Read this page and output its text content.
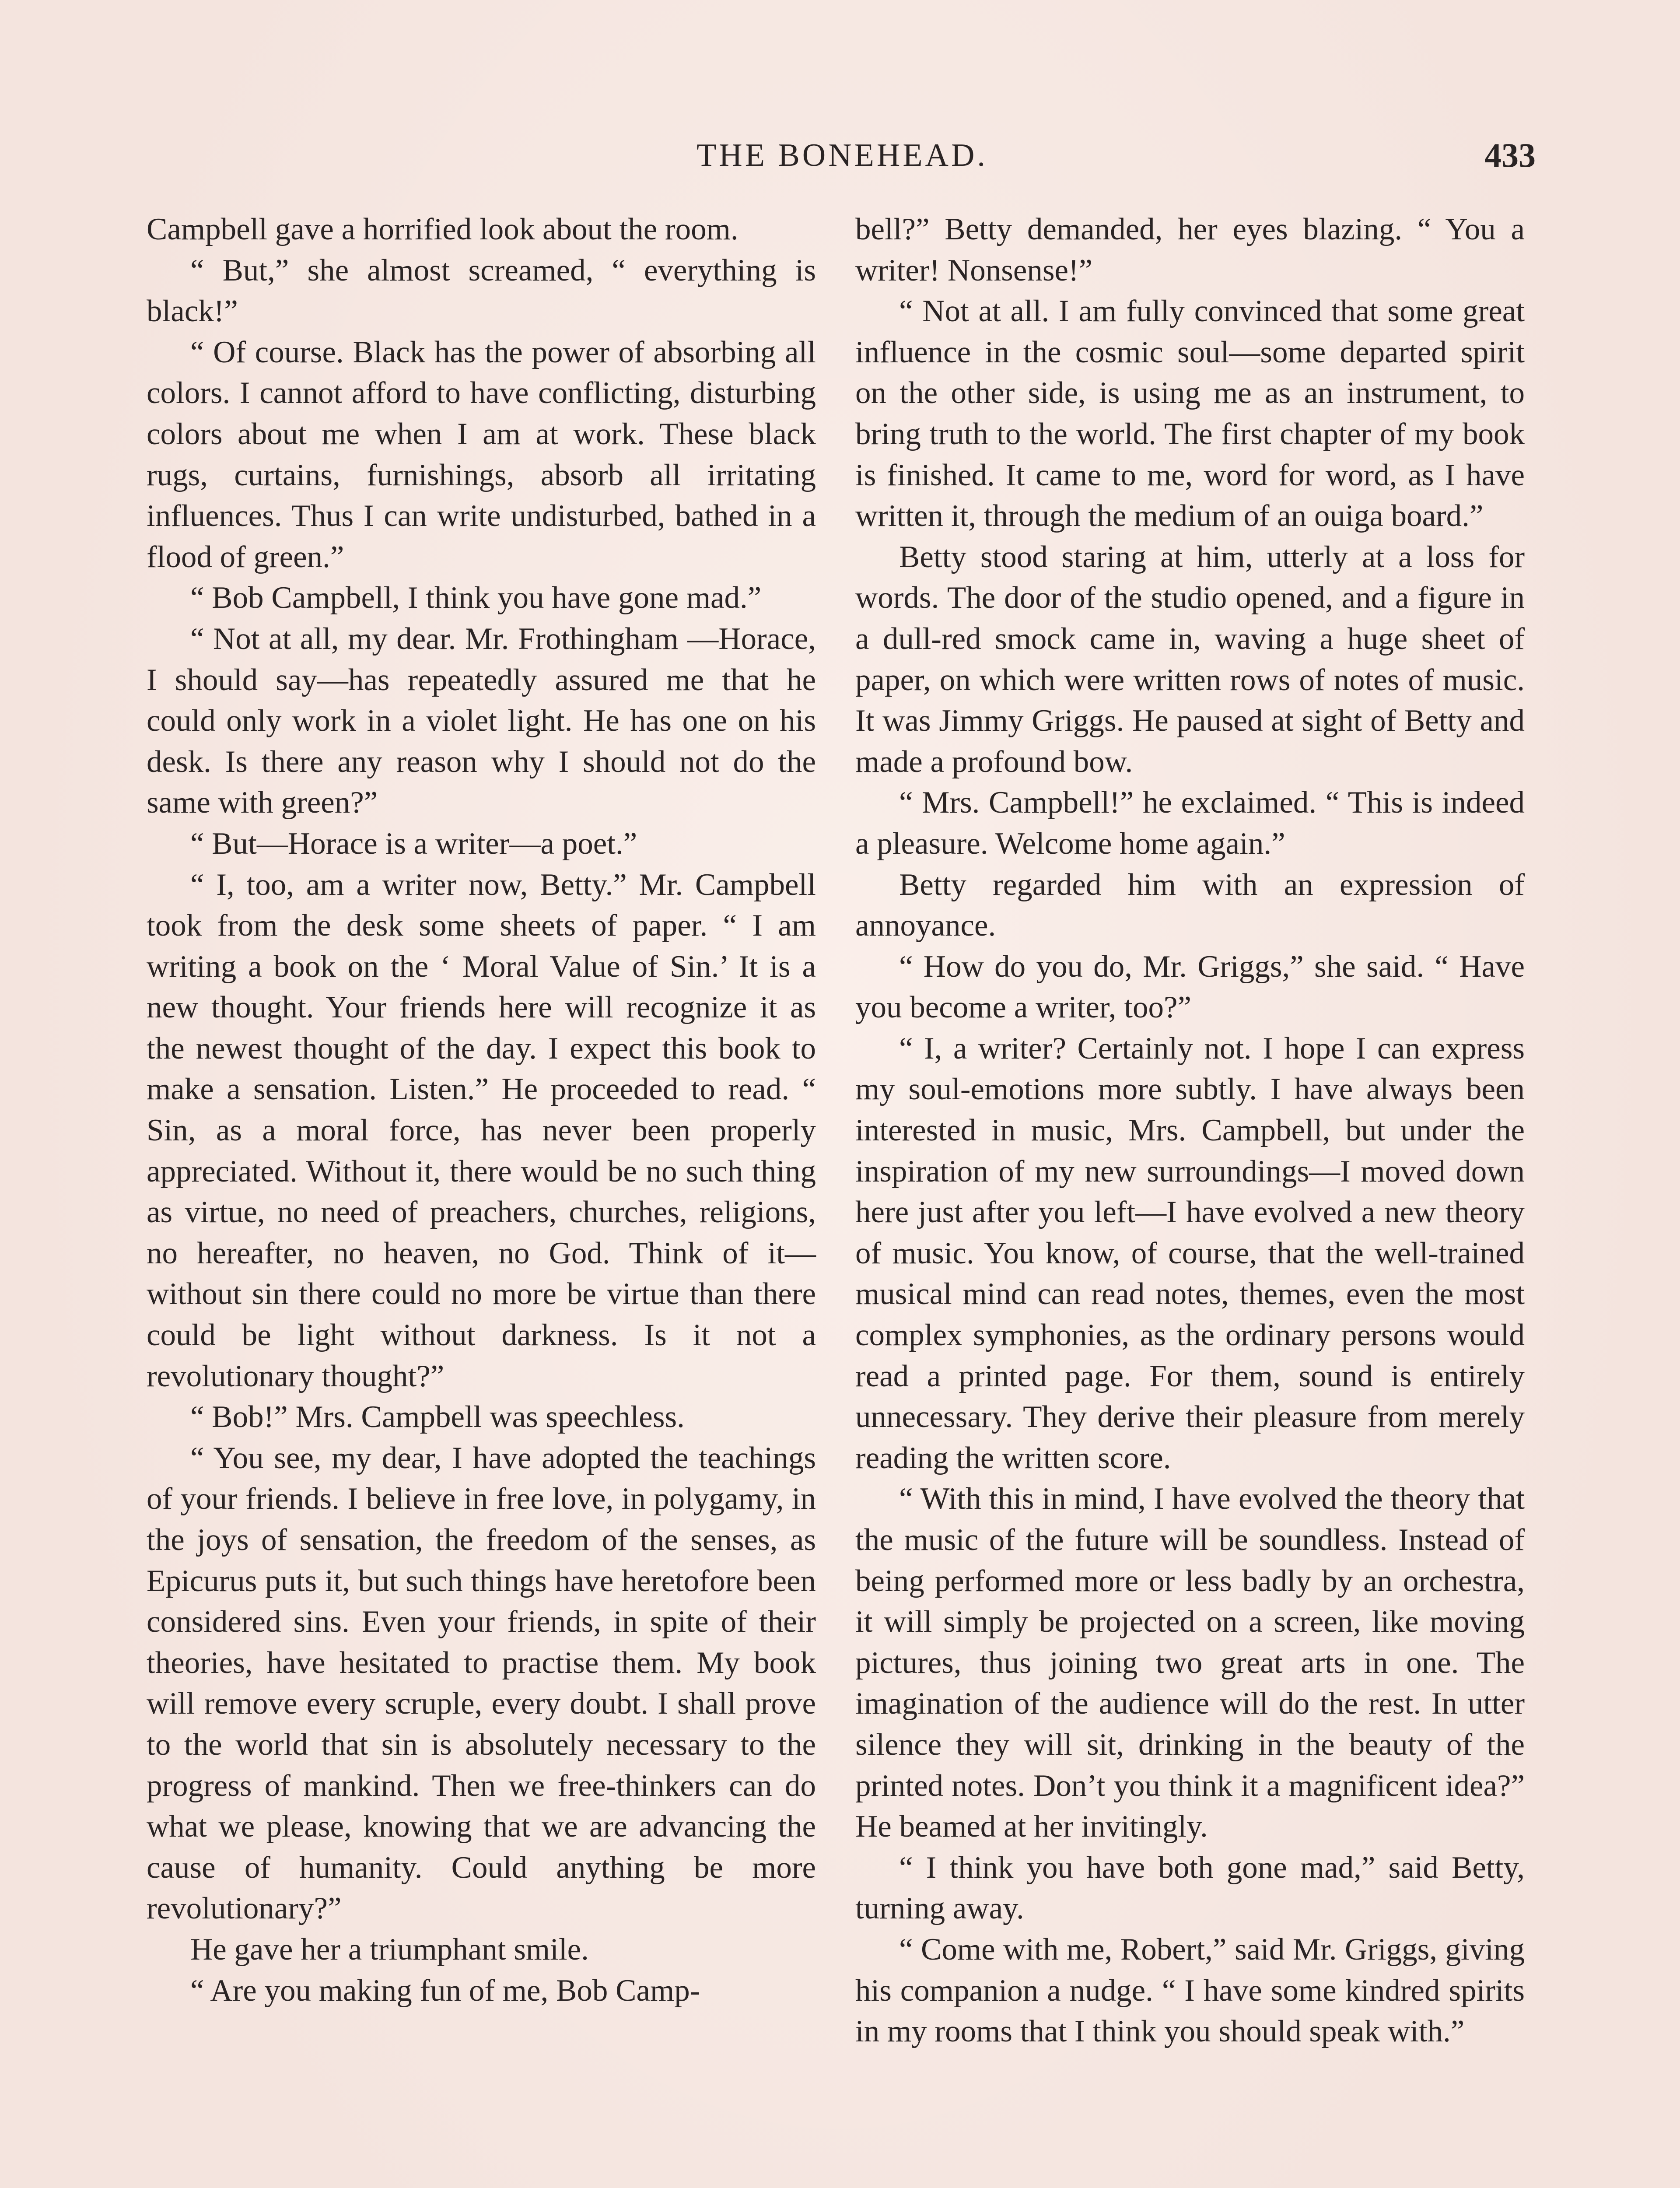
THE BONEHEAD.	433

Campbell gave a horrified look about the room.

“ But,” she almost screamed, “ everything is black!”

“ Of course. Black has the power of absorbing all colors. I cannot afford to have conflicting, disturbing colors about me when I am at work. These black rugs, curtains, furnishings, absorb all irritating influences. Thus I can write undisturbed, bathed in a flood of green.”

“ Bob Campbell, I think you have gone mad.”

“ Not at all, my dear. Mr. Frothingham —Horace, I should say—has repeatedly assured me that he could only work in a violet light. He has one on his desk. Is there any reason why I should not do the same with green?”

“ But—Horace is a writer—a poet.”

“ I, too, am a writer now, Betty.” Mr. Campbell took from the desk some sheets of paper. “ I am writing a book on the ‘ Moral Value of Sin.’ It is a new thought. Your friends here will recognize it as the newest thought of the day. I expect this book to make a sensation. Listen.” He proceeded to read. “ Sin, as a moral force, has never been properly appreciated. Without it, there would be no such thing as virtue, no need of preachers, churches, religions, no hereafter, no heaven, no God. Think of it—without sin there could no more be virtue than there could be light without darkness. Is it not a revolutionary thought?”

“ Bob!” Mrs. Campbell was speechless.

“ You see, my dear, I have adopted the teachings of your friends. I believe in free love, in polygamy, in the joys of sensation, the freedom of the senses, as Epicurus puts it, but such things have heretofore been considered sins. Even your friends, in spite of their theories, have hesitated to practise them. My book will remove every scruple, every doubt. I shall prove to the world that sin is absolutely necessary to the progress of mankind. Then we free-thinkers can do what we please, knowing that we are advancing the cause of humanity. Could anything be more revolutionary?”

He gave her a triumphant smile.

“ Are you making fun of me, Bob Camp-

bell?” Betty demanded, her eyes blazing. “ You a writer! Nonsense!”

“ Not at all. I am fully convinced that some great influence in the cosmic soul—some departed spirit on the other side, is using me as an instrument, to bring truth to the world. The first chapter of my book is finished. It came to me, word for word, as I have written it, through the medium of an ouiga board.”

Betty stood staring at him, utterly at a loss for words. The door of the studio opened, and a figure in a dull-red smock came in, waving a huge sheet of paper, on which were written rows of notes of music. It was Jimmy Griggs. He paused at sight of Betty and made a profound bow.

“ Mrs. Campbell!” he exclaimed. “ This is indeed a pleasure. Welcome home again.”

Betty regarded him with an expression of annoyance.

“ How do you do, Mr. Griggs,” she said. “ Have you become a writer, too?”

“ I, a writer? Certainly not. I hope I can express my soul-emotions more subtly. I have always been interested in music, Mrs. Campbell, but under the inspiration of my new surroundings—I moved down here just after you left—I have evolved a new theory of music. You know, of course, that the well-trained musical mind can read notes, themes, even the most complex symphonies, as the ordinary persons would read a printed page. For them, sound is entirely unnecessary. They derive their pleasure from merely reading the written score.

“ With this in mind, I have evolved the theory that the music of the future will be soundless. Instead of being performed more or less badly by an orchestra, it will simply be projected on a screen, like moving pictures, thus joining two great arts in one. The imagination of the audience will do the rest. In utter silence they will sit, drinking in the beauty of the printed notes. Don’t you think it a magnificent idea?” He beamed at her invitingly.

“ I think you have both gone mad,” said Betty, turning away.

“ Come with me, Robert,” said Mr. Griggs, giving his companion a nudge. “ I have some kindred spirits in my rooms that I think you should speak with.”
